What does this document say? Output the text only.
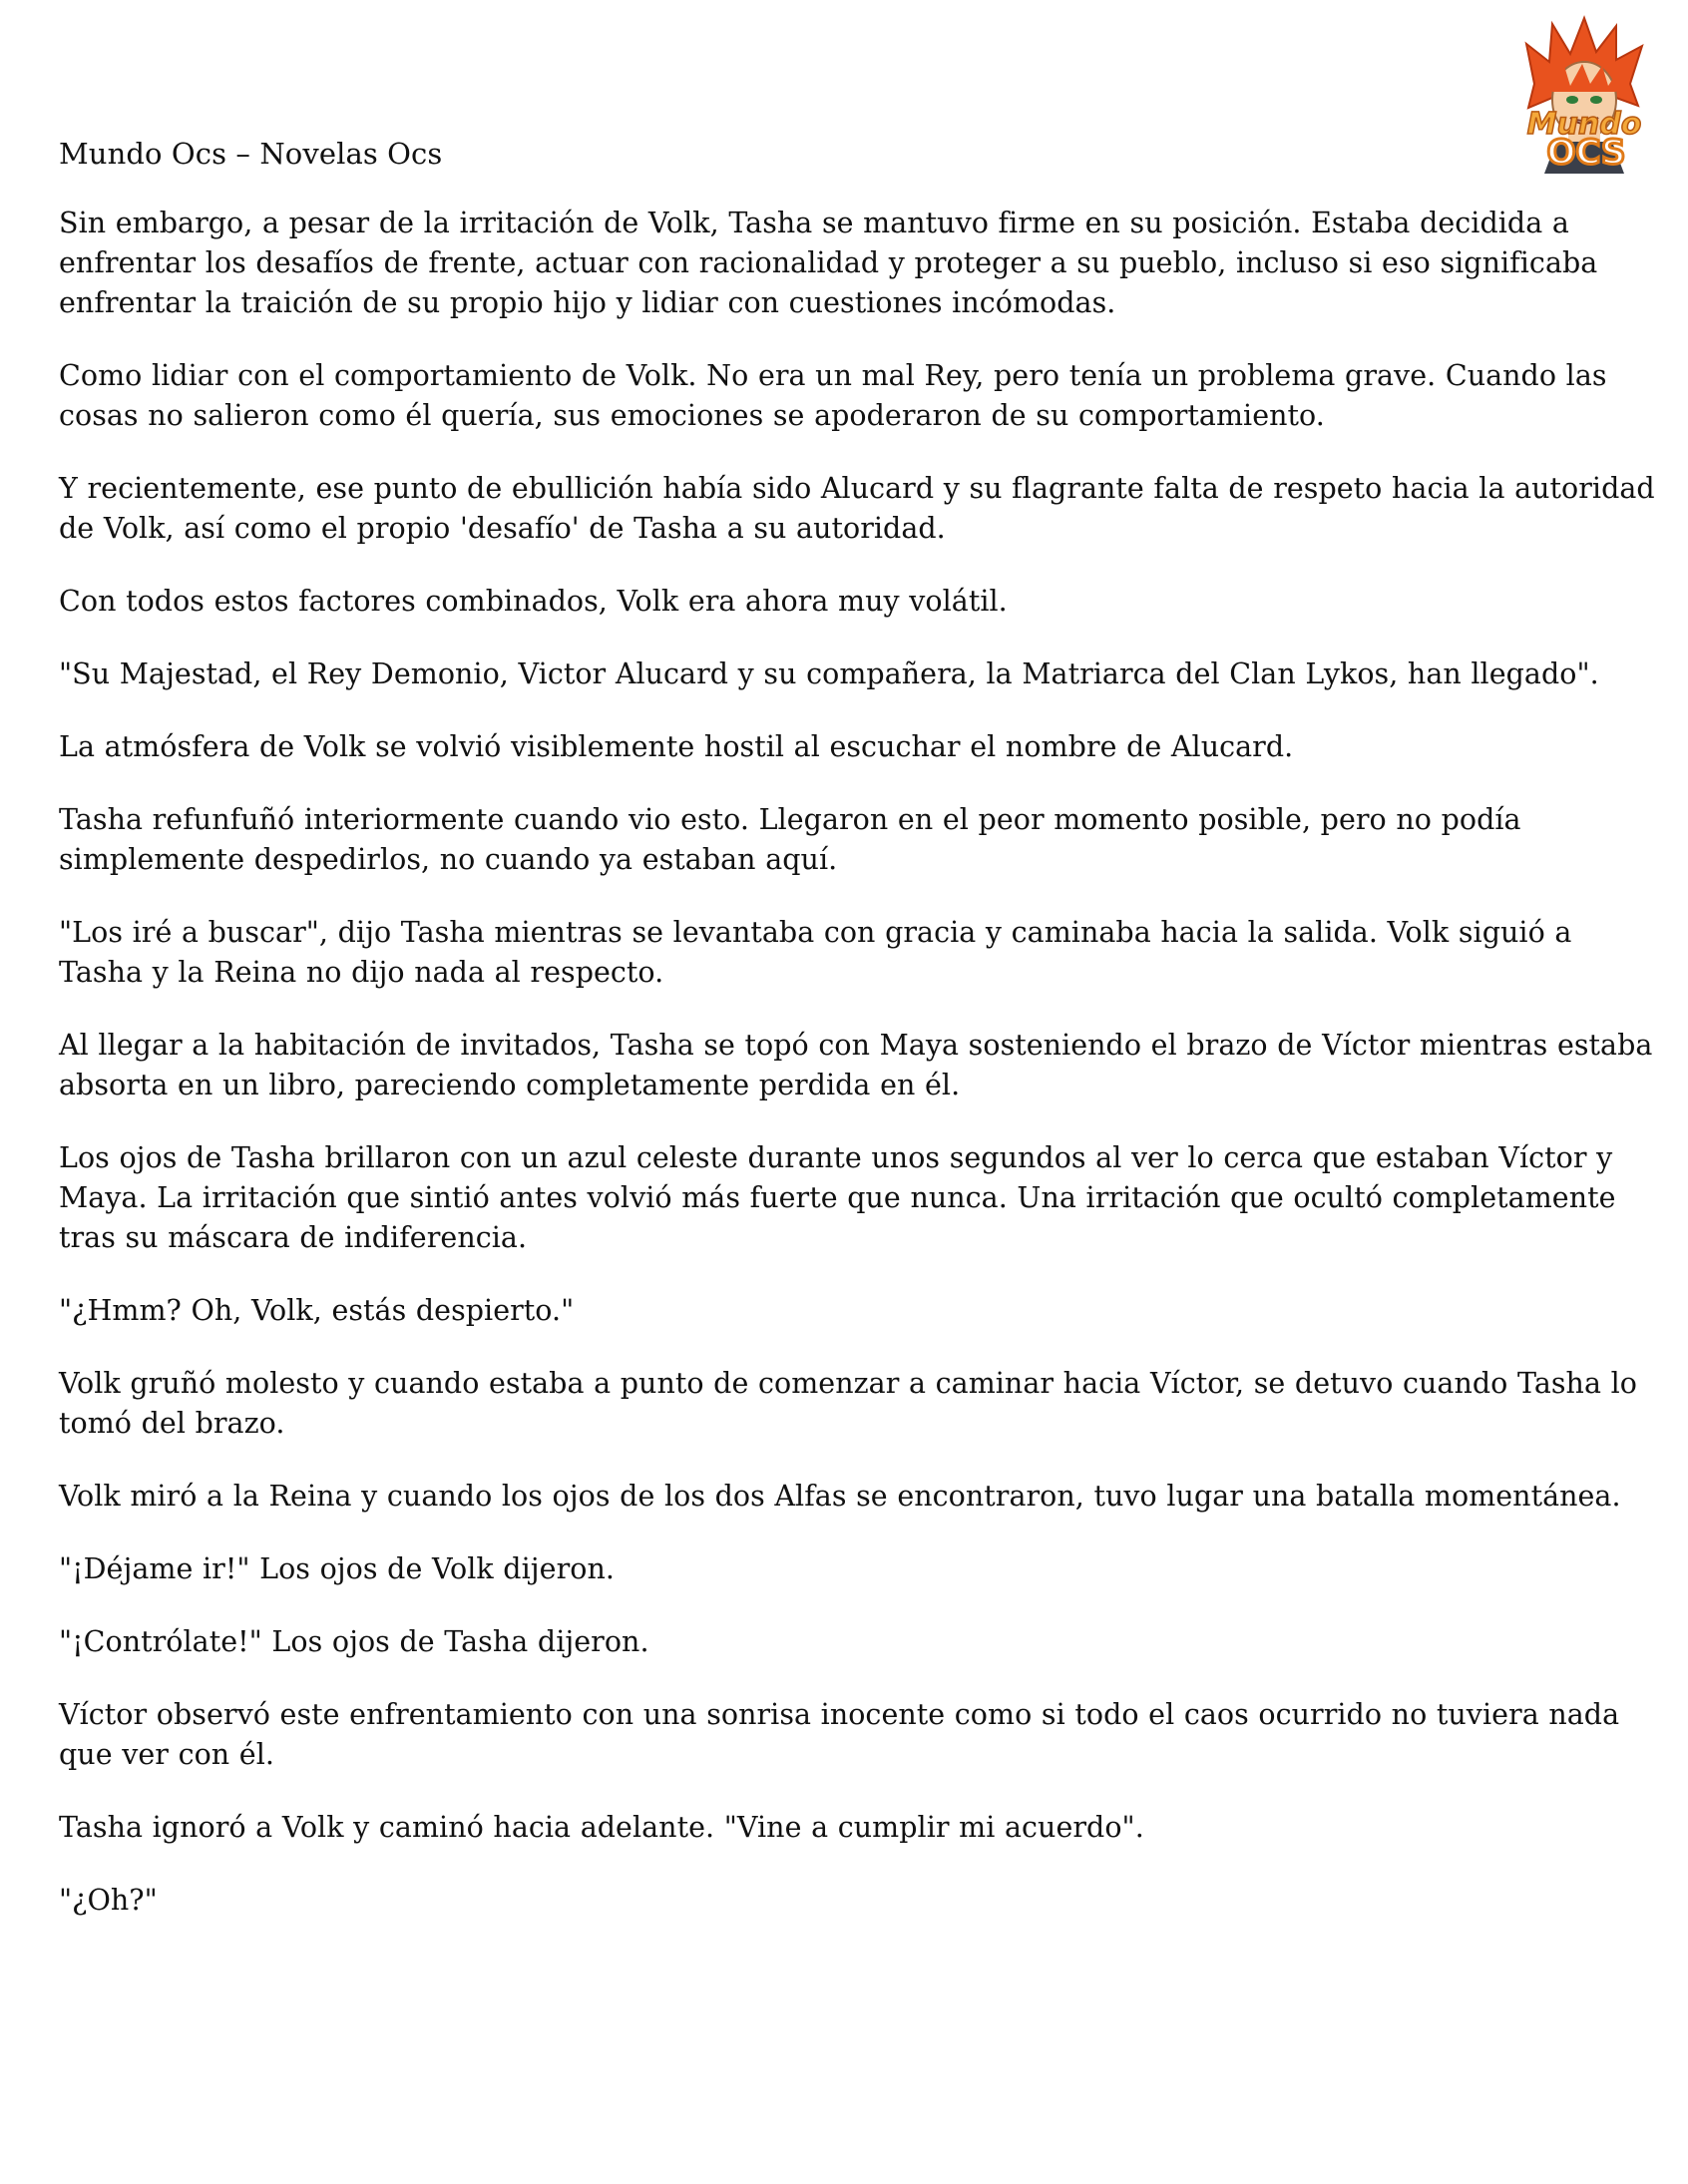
Mundo
OCS
Mundo Ocs – Novelas Ocs

Sin embargo, a pesar de la irritación de Volk, Tasha se mantuvo firme en su posición. Estaba decidida a enfrentar los desafíos de frente, actuar con racionalidad y proteger a su pueblo, incluso si eso significaba enfrentar la traición de su propio hijo y lidiar con cuestiones incómodas.

Como lidiar con el comportamiento de Volk. No era un mal Rey, pero tenía un problema grave. Cuando las cosas no salieron como él quería, sus emociones se apoderaron de su comportamiento.

Y recientemente, ese punto de ebullición había sido Alucard y su flagrante falta de respeto hacia la autoridad de Volk, así como el propio 'desafío' de Tasha a su autoridad.

Con todos estos factores combinados, Volk era ahora muy volátil.

"Su Majestad, el Rey Demonio, Victor Alucard y su compañera, la Matriarca del Clan Lykos, han llegado".

La atmósfera de Volk se volvió visiblemente hostil al escuchar el nombre de Alucard.

Tasha refunfuñó interiormente cuando vio esto. Llegaron en el peor momento posible, pero no podía simplemente despedirlos, no cuando ya estaban aquí.

"Los iré a buscar", dijo Tasha mientras se levantaba con gracia y caminaba hacia la salida. Volk siguió a Tasha y la Reina no dijo nada al respecto.

Al llegar a la habitación de invitados, Tasha se topó con Maya sosteniendo el brazo de Víctor mientras estaba absorta en un libro, pareciendo completamente perdida en él.

Los ojos de Tasha brillaron con un azul celeste durante unos segundos al ver lo cerca que estaban Víctor y Maya. La irritación que sintió antes volvió más fuerte que nunca. Una irritación que ocultó completamente tras su máscara de indiferencia.

"¿Hmm? Oh, Volk, estás despierto."

Volk gruñó molesto y cuando estaba a punto de comenzar a caminar hacia Víctor, se detuvo cuando Tasha lo tomó del brazo.

Volk miró a la Reina y cuando los ojos de los dos Alfas se encontraron, tuvo lugar una batalla momentánea.

"¡Déjame ir!" Los ojos de Volk dijeron.

"¡Contrólate!" Los ojos de Tasha dijeron.

Víctor observó este enfrentamiento con una sonrisa inocente como si todo el caos ocurrido no tuviera nada que ver con él.

Tasha ignoró a Volk y caminó hacia adelante. "Vine a cumplir mi acuerdo".

"¿Oh?"
